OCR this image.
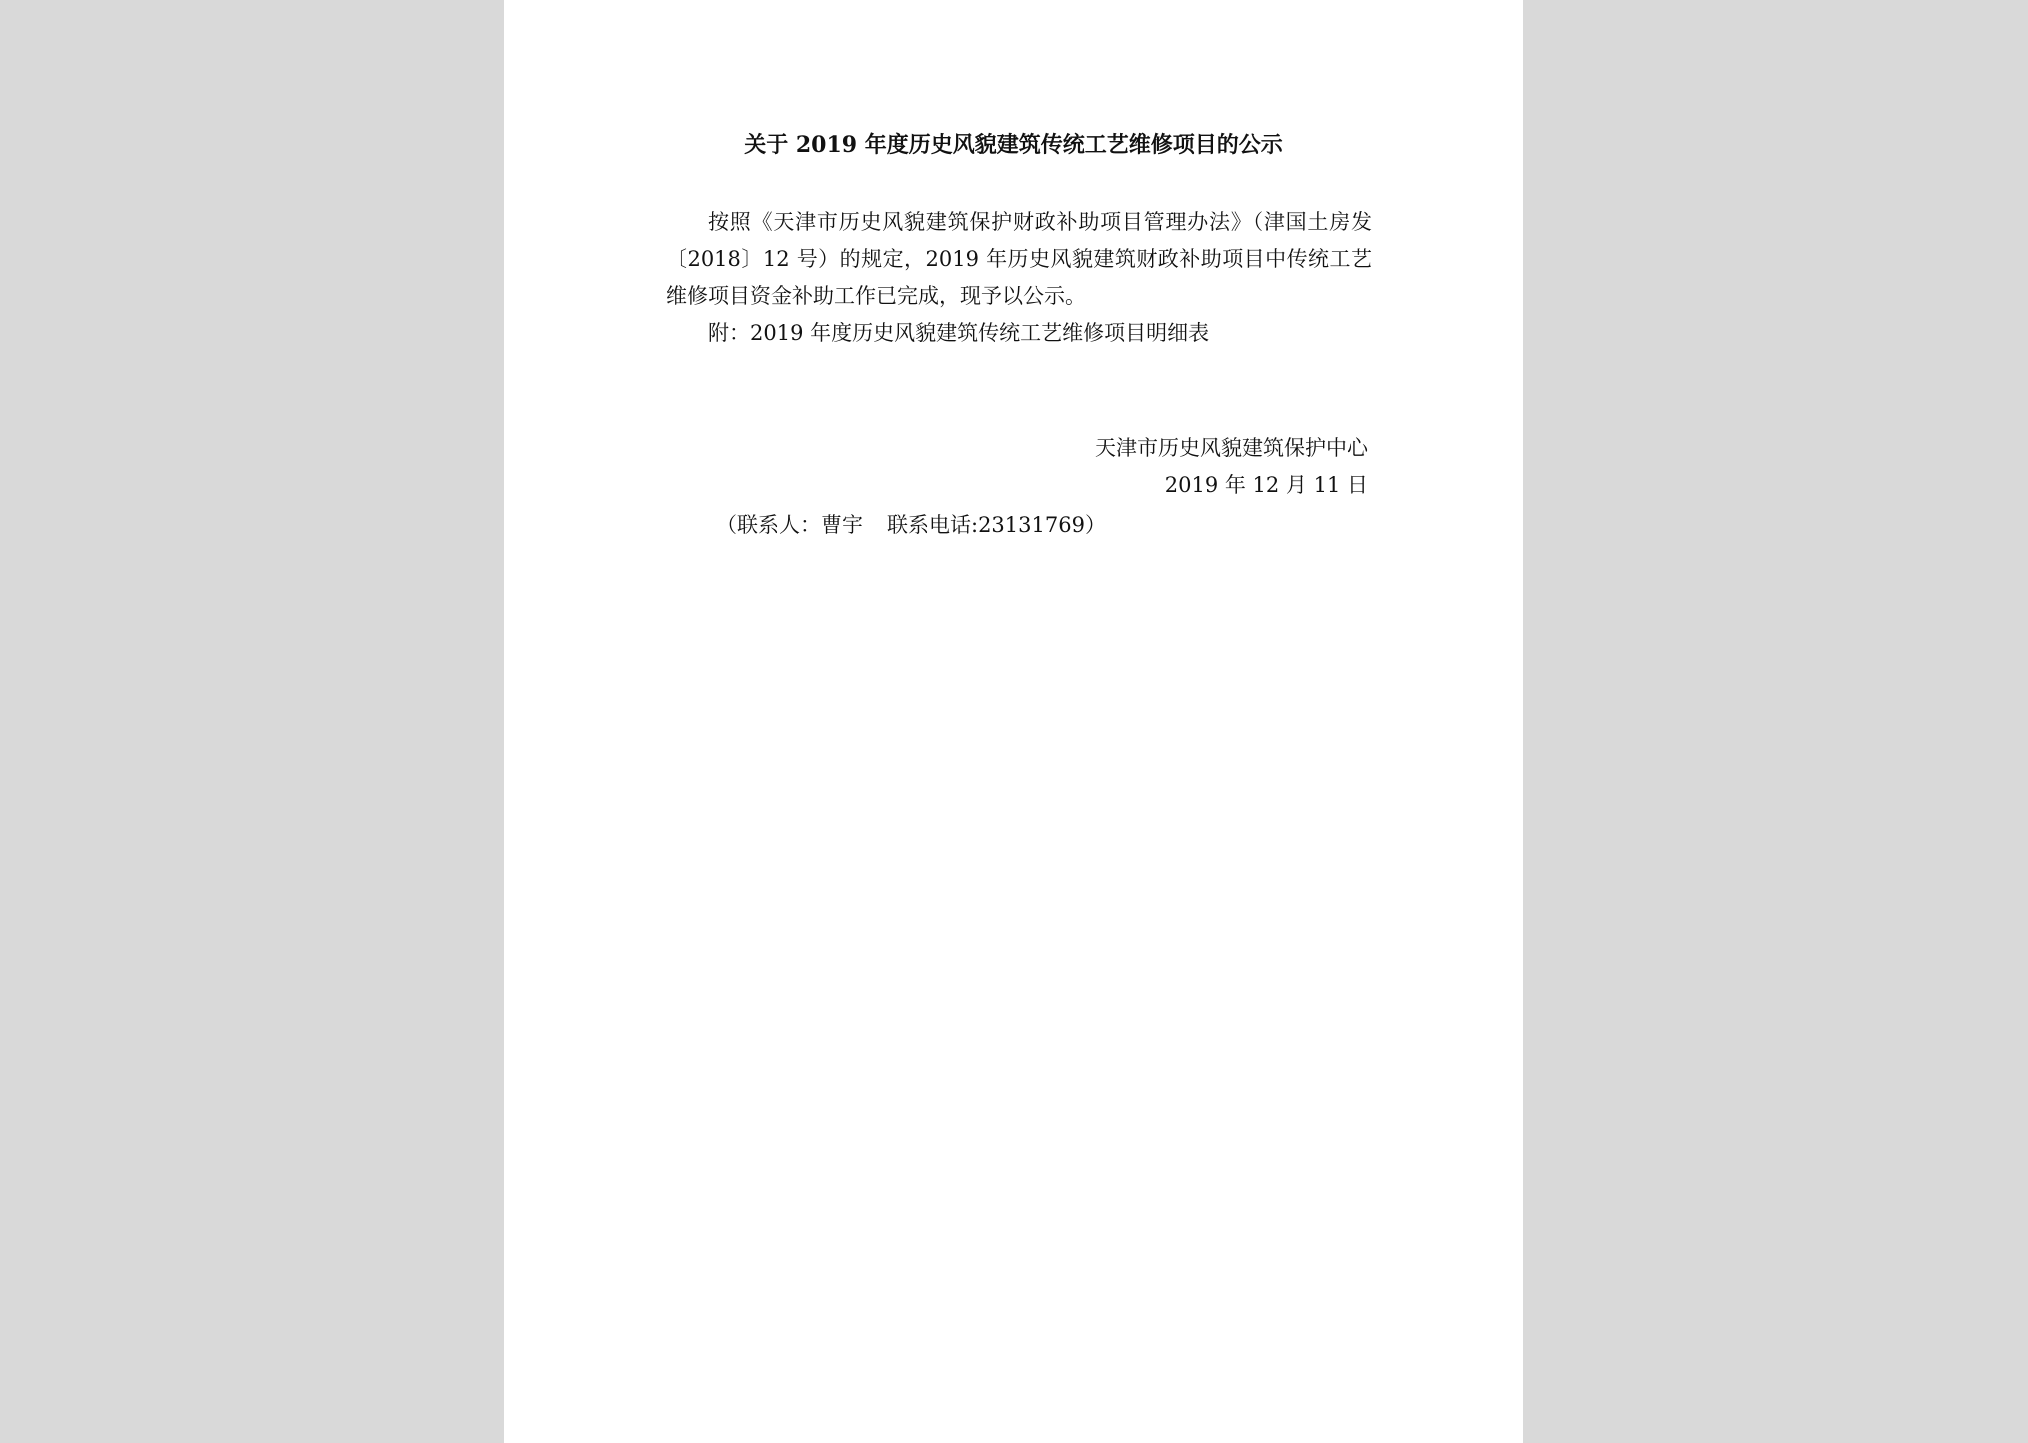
关于 2019 年度历史风貌建筑传统工艺维修项目的公示

按照《天津市历史风貌建筑保护财政补助项目管理办法》（津国土房发〔2018〕12 号）的规定，2019 年历史风貌建筑财政补助项目中传统工艺维修项目资金补助工作已完成，现予以公示。

附：2019 年度历史风貌建筑传统工艺维修项目明细表

天津市历史风貌建筑保护中心
2019 年 12 月 11 日
（联系人：曹宇 联系电话:23131769）
